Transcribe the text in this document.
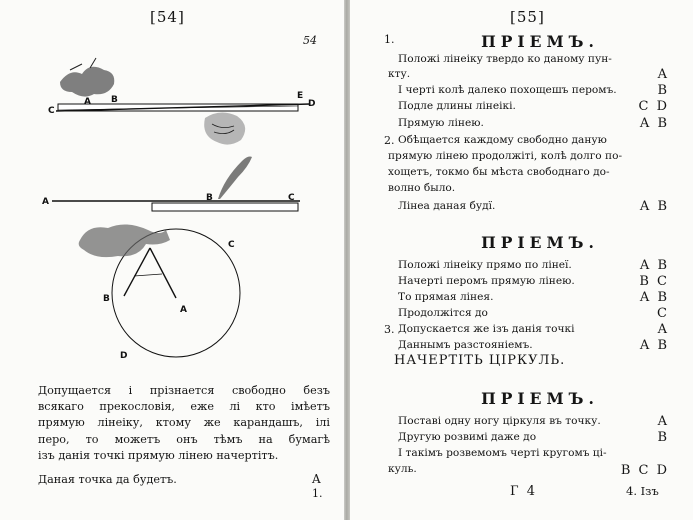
[54]
54
C
A B	E
D
A	B	C
C
B
A
D
Допущается і прізнается свободно безъ
всякаго прекословія, еже лі кто імѣетъ
прямую лінеіку, ктому же карандашъ, ілі
перо, то можетъ онъ тѣмъ на бумагѣ
ізъ данія точкі прямую лінею начертітъ.
Даная точка да будетъ.	A
1.
[55]
1.	ПРІЕМЪ.
Положі лінеіку твердо ко даному пун-
кту.	A
I черті колѣ далеко похощешъ перомъ.	B
Подле длины лінеікі.	C D
Прямую лінею.	A B
2. Обѣщается каждому свободно даную
прямую лінею продолжіті, колѣ долго по-
хощетъ, токмо бы мѣста свободнаго до-
волно было.
Лінеа даная будї.	A B
ПРІЕМЪ.
Положі лінеіку прямо по лінеї.	A B
Начерті перомъ прямую лінею.	B C
То прямая лінея.	A B
Продолжітся до	C
3. Допускается же ізъ данія точкі	A
Даннымъ разстояніемъ.	A B
НАЧЕРТІТЬ ЦІРКУЛЬ.
ПРІЕМЪ.
Поставі одну ногу ціркуля въ точку.	A
Другую розвимі даже до	B
I такімъ розвемомъ черті кругомъ ці-
куль.	B C D
Г 4	4. Ізъ
